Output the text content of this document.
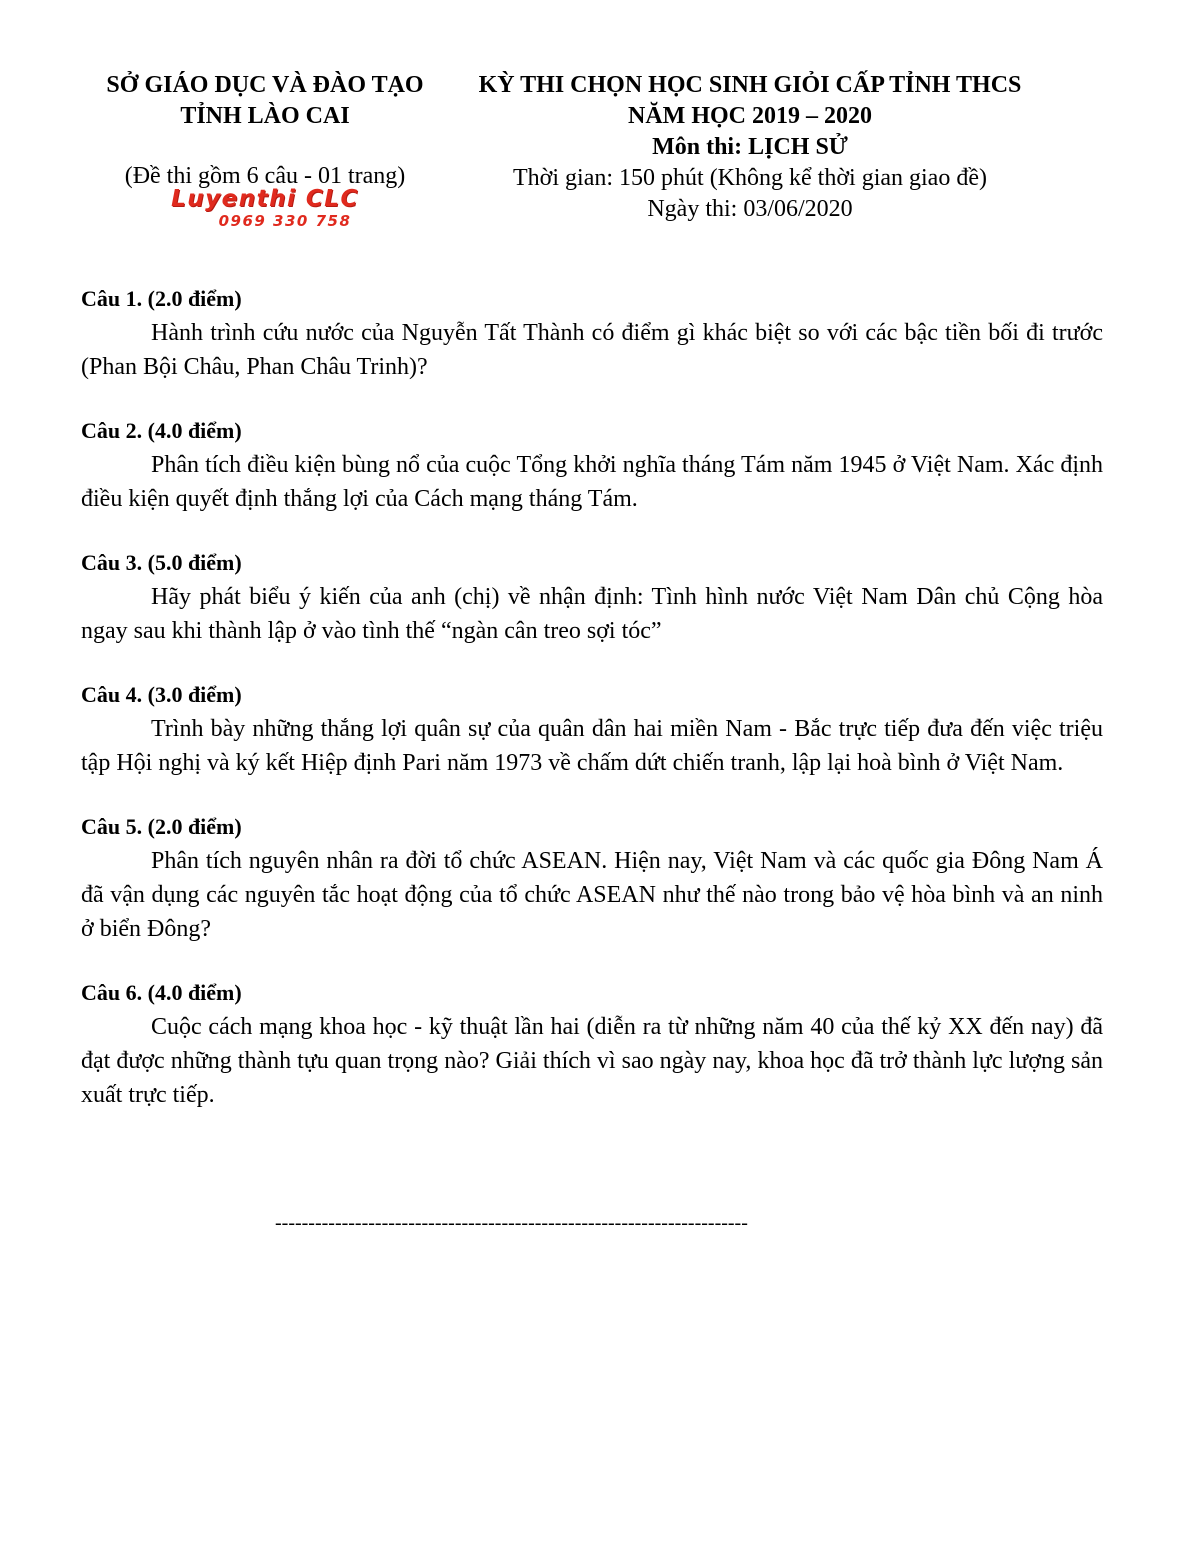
SỞ GIÁO DỤC VÀ ĐÀO TẠO
TỈNH LÀO CAI
(Đề thi gồm 6 câu - 01 trang)
Luyenthi CLC
0969 330 758
KỲ THI CHỌN HỌC SINH GIỎI CẤP TỈNH THCS
NĂM HỌC 2019 – 2020
Môn thi: LỊCH SỬ
Thời gian: 150 phút (Không kể thời gian giao đề)
Ngày thi: 03/06/2020
Câu 1. (2.0 điểm)
Hành trình cứu nước của Nguyễn Tất Thành có điểm gì khác biệt so với các bậc tiền bối đi trước (Phan Bội Châu, Phan Châu Trinh)?
Câu 2. (4.0 điểm)
Phân tích điều kiện bùng nổ của cuộc Tổng khởi nghĩa tháng Tám năm 1945 ở Việt Nam. Xác định điều kiện quyết định thắng lợi của Cách mạng tháng Tám.
Câu 3. (5.0 điểm)
Hãy phát biểu ý kiến của anh (chị) về nhận định: Tình hình nước Việt Nam Dân chủ Cộng hòa ngay sau khi thành lập ở vào tình thế “ngàn cân treo sợi tóc”
Câu 4. (3.0 điểm)
Trình bày những thắng lợi quân sự của quân dân hai miền Nam - Bắc trực tiếp đưa đến việc triệu tập Hội nghị và ký kết Hiệp định Pari năm 1973 về chấm dứt chiến tranh, lập lại hoà bình ở Việt Nam.
Câu 5. (2.0 điểm)
Phân tích nguyên nhân ra đời tổ chức ASEAN. Hiện nay, Việt Nam và các quốc gia Đông Nam Á đã vận dụng các nguyên tắc hoạt động của tổ chức ASEAN như thế nào trong bảo vệ hòa bình và an ninh ở biển Đông?
Câu 6. (4.0 điểm)
Cuộc cách mạng khoa học - kỹ thuật lần hai (diễn ra từ những năm 40 của thế kỷ XX đến nay) đã đạt được những thành tựu quan trọng nào? Giải thích vì sao ngày nay, khoa học đã trở thành lực lượng sản xuất trực tiếp.
-----------------------------------------------------------------------
